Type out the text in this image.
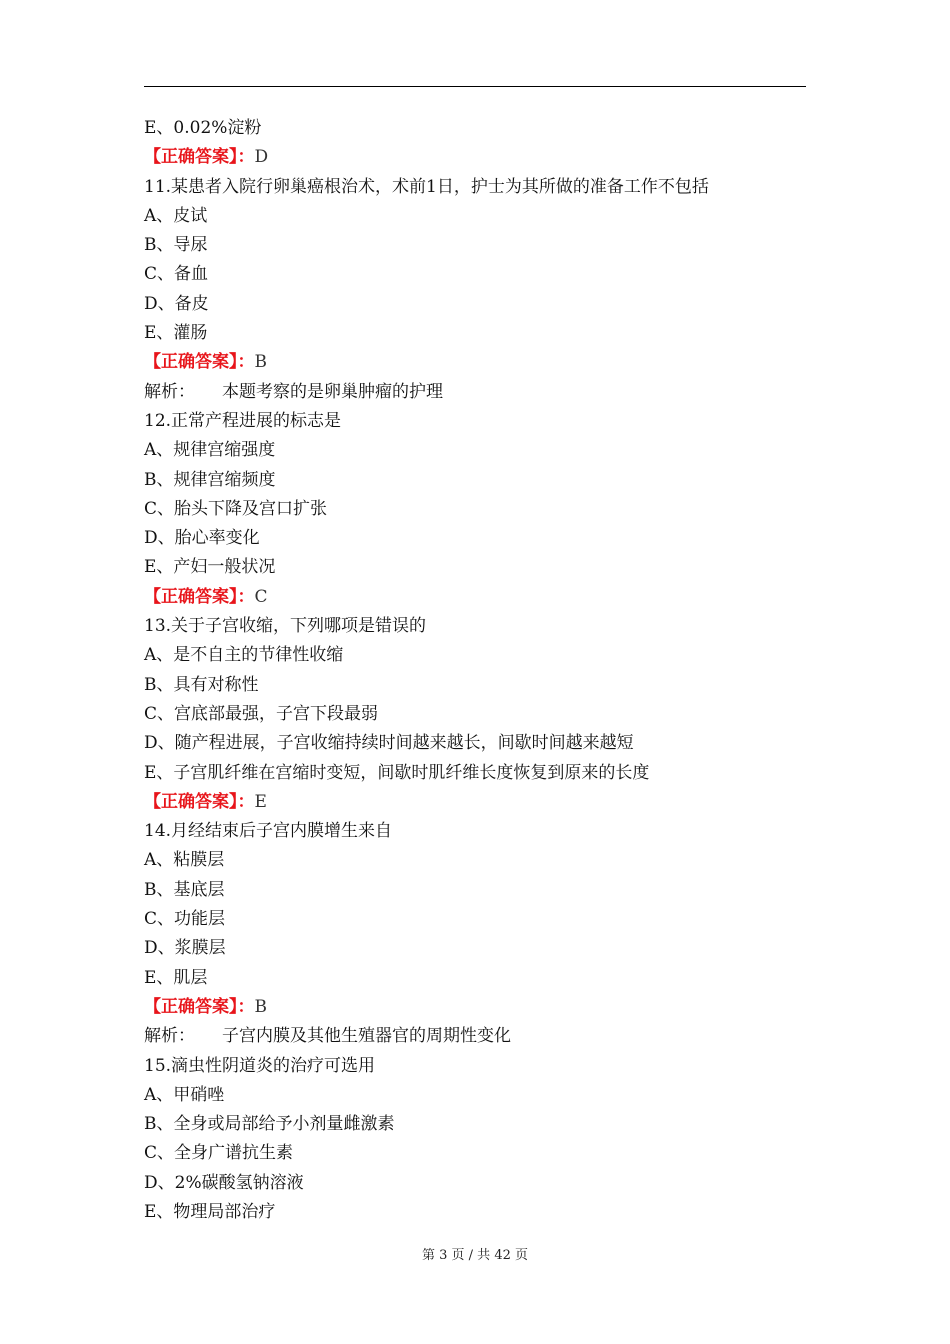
E、0.02%淀粉
【正确答案】：D
11.某患者入院行卵巢癌根治术，术前1日，护士为其所做的准备工作不包括
A、皮试
B、导尿
C、备血
D、备皮
E、灌肠
【正确答案】：B
解析： 本题考察的是卵巢肿瘤的护理
12.正常产程进展的标志是
A、规律宫缩强度
B、规律宫缩频度
C、胎头下降及宫口扩张
D、胎心率变化
E、产妇一般状况
【正确答案】：C
13.关于子宫收缩，下列哪项是错误的
A、是不自主的节律性收缩
B、具有对称性
C、宫底部最强，子宫下段最弱
D、随产程进展，子宫收缩持续时间越来越长，间歇时间越来越短
E、子宫肌纤维在宫缩时变短，间歇时肌纤维长度恢复到原来的长度
【正确答案】：E
14.月经结束后子宫内膜增生来自
A、粘膜层
B、基底层
C、功能层
D、浆膜层
E、肌层
【正确答案】：B
解析： 子宫内膜及其他生殖器官的周期性变化
15.滴虫性阴道炎的治疗可选用
A、甲硝唑
B、全身或局部给予小剂量雌激素
C、全身广谱抗生素
D、2%碳酸氢钠溶液
E、物理局部治疗
第 3 页 / 共 42 页
